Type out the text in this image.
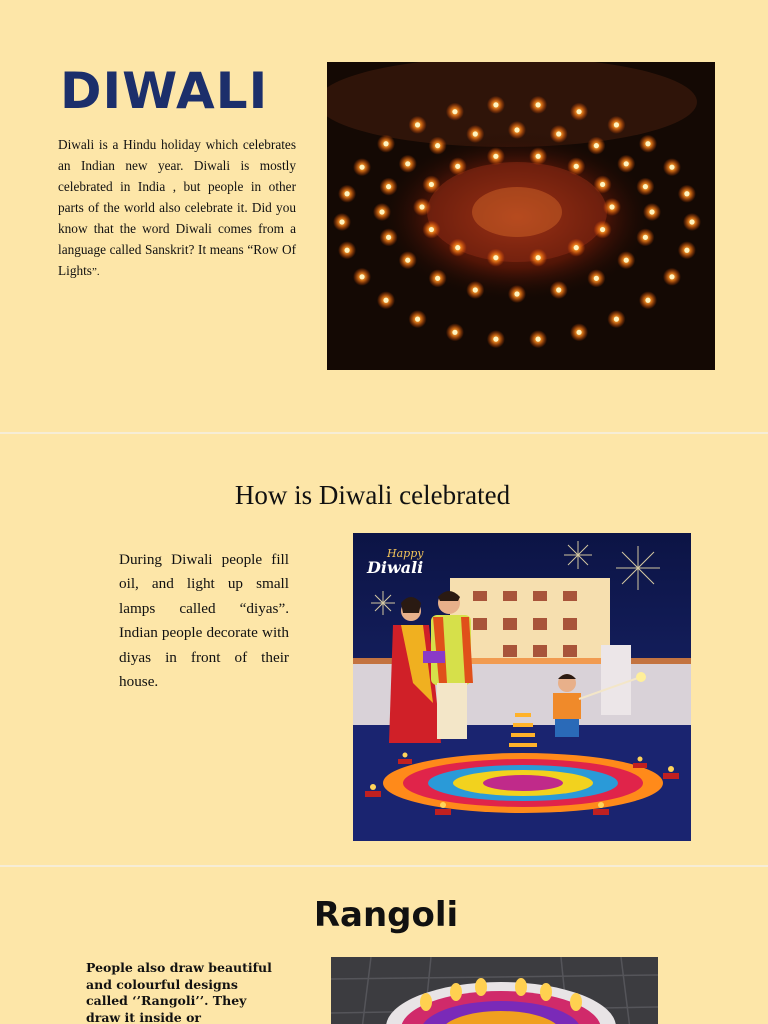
DIWALI

Diwali is a Hindu holiday which celebrates an Indian new year. Diwali is mostly celebrated in India , but people in other parts of the world also celebrate it. Did you know that the word Diwali comes from a language called Sanskrit? It means “Row Of Lights”.

How is Diwali celebrated

During Diwali people fill oil, and light up small lamps called “diyas”. Indian people decorate with diyas in front of their house.

Happy
Diwali
Rangoli

People also draw beautiful and colourful designs called ‘’Rangoli’’. They draw it inside or
